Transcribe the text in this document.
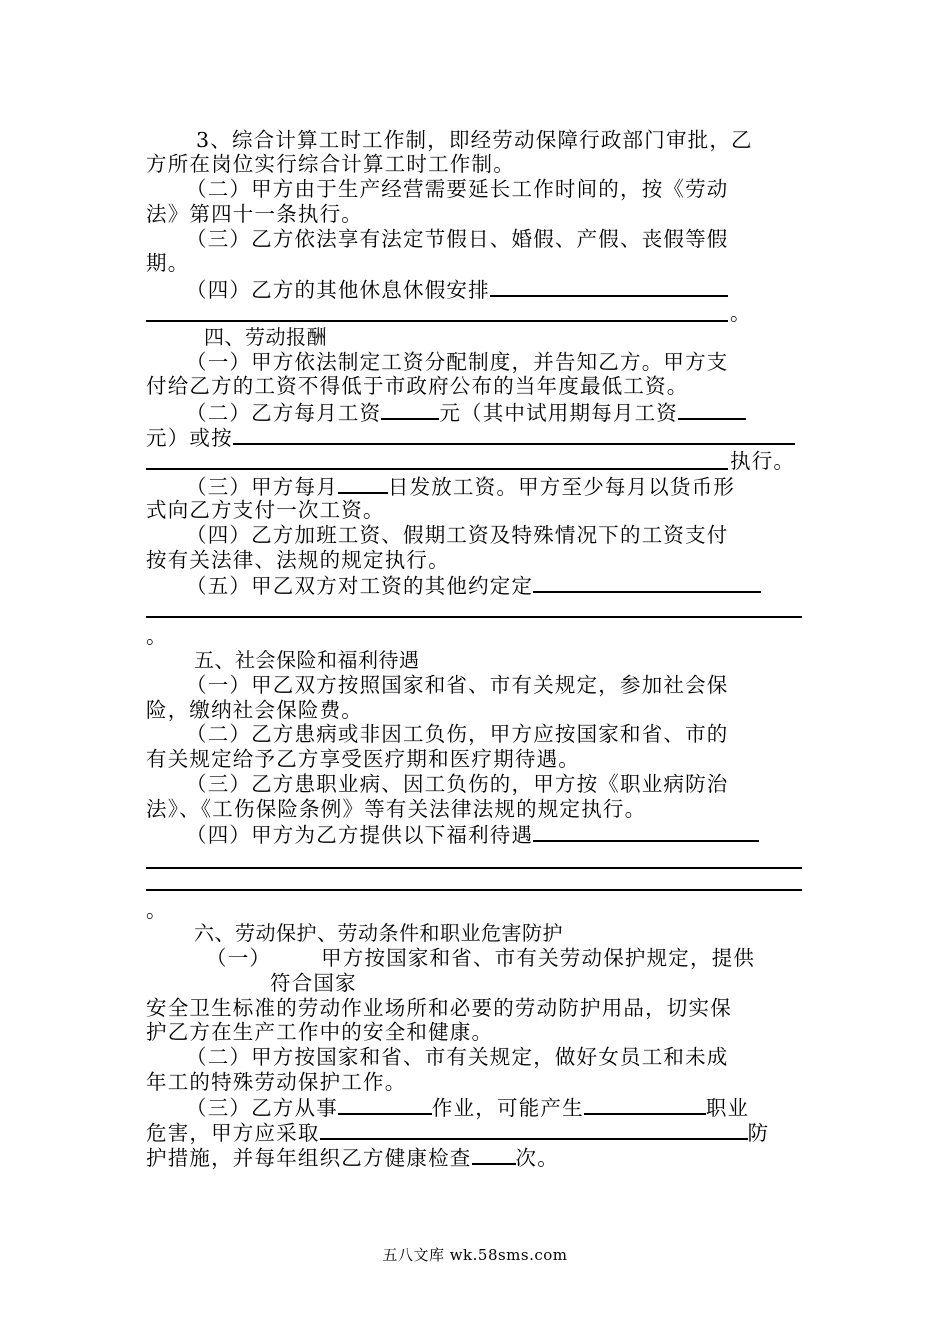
3、综合计算工时工作制，即经劳动保障行政部门审批，乙
方所在岗位实行综合计算工时工作制。
（二）甲方由于生产经营需要延长工作时间的，按《劳动
法》第四十一条执行。
（三）乙方依法享有法定节假日、婚假、产假、丧假等假
期。
（四）乙方的其他休息休假安排
。
四、劳动报酬
（一）甲方依法制定工资分配制度，并告知乙方。甲方支
付给乙方的工资不得低于市政府公布的当年度最低工资。
（二）乙方每月工资	元（其中试用期每月工资
元）或按
执行。
（三）甲方每月 日发放工资。甲方至少每月以货币形
式向乙方支付一次工资。
（四）乙方加班工资、假期工资及特殊情况下的工资支付
按有关法律、法规的规定执行。
（五）甲乙双方对工资的其他约定定
。
五、社会保险和福利待遇
（一）甲乙双方按照国家和省、市有关规定，参加社会保
险，缴纳社会保险费。
（二）乙方患病或非因工负伤，甲方应按国家和省、市的
有关规定给予乙方享受医疗期和医疗期待遇。
（三）乙方患职业病、因工负伤的，甲方按《职业病防治
法》、《工伤保险条例》等有关法律法规的规定执行。
（四）甲方为乙方提供以下福利待遇
。
六、劳动保护、劳动条件和职业危害防护
（一） 甲方按国家和省、市有关劳动保护规定，提供
符合国家
安全卫生标准的劳动作业场所和必要的劳动防护用品，切实保
护乙方在生产工作中的安全和健康。
（二）甲方按国家和省、市有关规定，做好女员工和未成
年工的特殊劳动保护工作。
（三）乙方从事	作业，可能产生	职业
危害，甲方应采取	防
护措施，并每年组织乙方健康检查 次。
五八文库 wk.58sms.com
